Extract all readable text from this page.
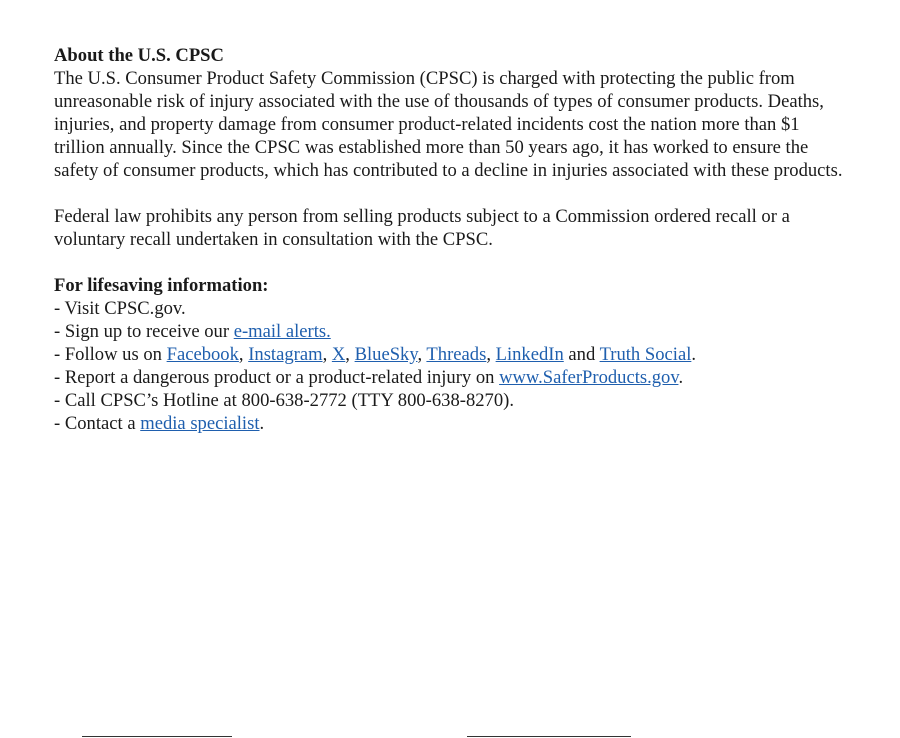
About the U.S. CPSC

The U.S. Consumer Product Safety Commission (CPSC) is charged with protecting the public from unreasonable risk of injury associated with the use of thousands of types of consumer products. Deaths, injuries, and property damage from consumer product-related incidents cost the nation more than $1 trillion annually. Since the CPSC was established more than 50 years ago, it has worked to ensure the safety of consumer products, which has contributed to a decline in injuries associated with these products.

Federal law prohibits any person from selling products subject to a Commission ordered recall or a voluntary recall undertaken in consultation with the CPSC.

For lifesaving information:
- Visit CPSC.gov.
- Sign up to receive our e-mail alerts.
- Follow us on Facebook, Instagram, X, BlueSky, Threads, LinkedIn and Truth Social.
- Report a dangerous product or a product-related injury on www.SaferProducts.gov.
- Call CPSC’s Hotline at 800-638-2772 (TTY 800-638-8270).
- Contact a media specialist.
